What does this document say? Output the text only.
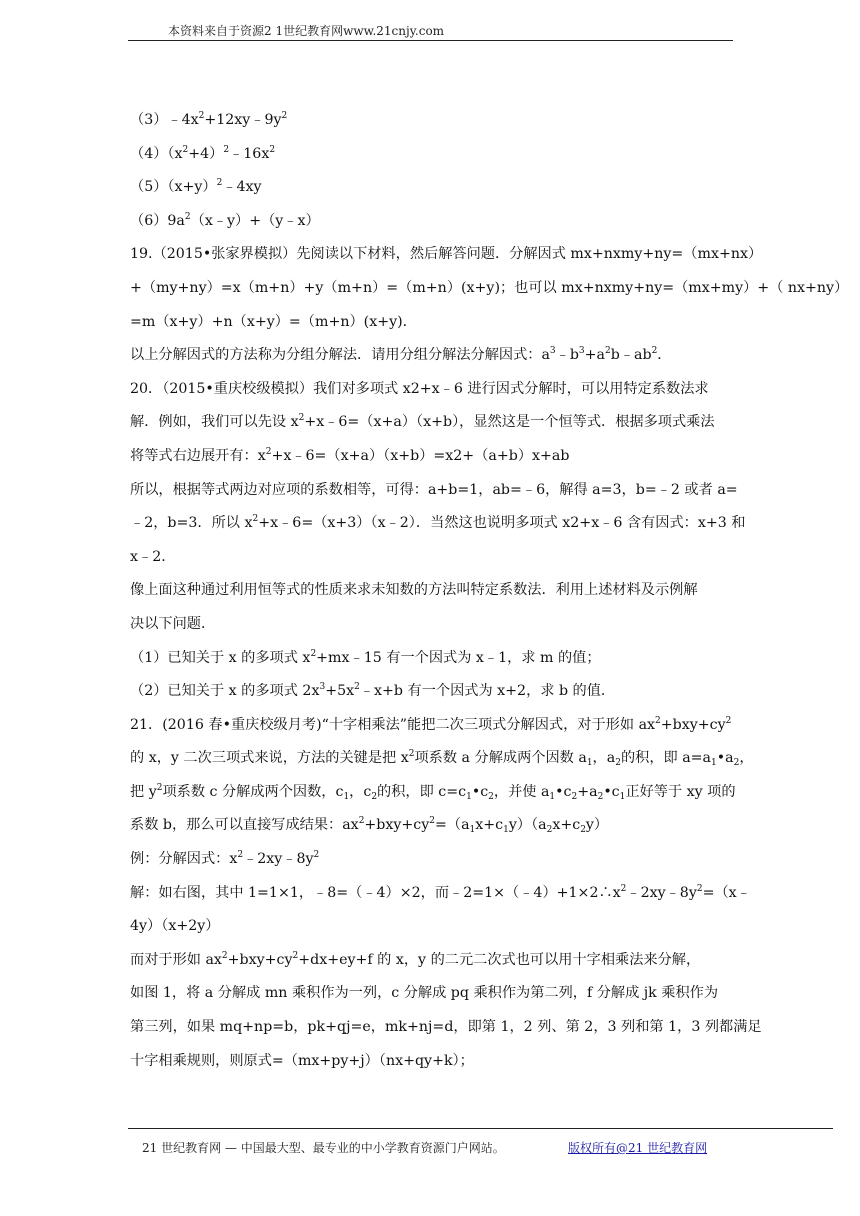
本资料来自于资源2 1世纪教育网www.21cnjy.com
$(3)﹣4x^2+12xy﹣9y^2$
$(4)(x^2+4)^2﹣16x^2$
$(5)(x+y)^2﹣4xy$
$(6)9a^2(x﹣y)+(y﹣x)$
19.（2015•张家界模拟）先阅读以下材料，然后解答问题．分解因式 mx+nxmy+ny=（mx+nx）
+（my+ny）=x（m+n）+y（m+n）=（m+n）(x+y)；也可以 mx+nxmy+ny=（mx+my）+（ nx+ny）
=m（x+y）+n（x+y）=（m+n）(x+y)．
以上分解因式的方法称为分组分解法．请用分组分解法分解因式：$a^3﹣b^3+a^2b﹣ab^2$．
20．（2015•重庆校级模拟）我们对多项式 x2+x﹣6 进行因式分解时，可以用特定系数法求
解．例如，我们可以先设 $x^2+x﹣6=(x+a)(x+b)$，显然这是一个恒等式．根据多项式乘法
将等式右边展开有：$x^2+x﹣6=(x+a)(x+b)=x2+(a+b)x+ab$
所以，根据等式两边对应项的系数相等，可得：a+b=1，ab=﹣6，解得 a=3，b=﹣2 或者 a=
﹣2，b=3．所以 $x^2+x﹣6=(x+3)(x﹣2)$．当然这也说明多项式 x2+x﹣6 含有因式：x+3 和
x﹣2．
像上面这种通过利用恒等式的性质来求未知数的方法叫特定系数法．利用上述材料及示例解
决以下问题．
（1）已知关于 x 的多项式 $x^2+mx﹣15$ 有一个因式为 x﹣1，求 m 的值；
（2）已知关于 x 的多项式 $2x^3+5x^2﹣x+b$ 有一个因式为 x+2，求 b 的值．
21．(2016 春•重庆校级月考)“十字相乘法”能把二次三项式分解因式，对于形如 $ax^2+bxy+cy^2$
的 x，y 二次三项式来说，方法的关键是把 $x^2$项系数 a 分解成两个因数 $a_1$，$a_2$的积，即 $a=a_1•a_2$，
把 $y^2$项系数 c 分解成两个因数，$c_1$，$c_2$的积，即 $c=c_1•c_2$，并使 $a_1•c_2+a_2•c_1$正好等于 xy 项的
系数 b，那么可以直接写成结果：$ax^2+bxy+cy^2=(a_1x+c_1y)(a_2x+c_2y)$
例：分解因式：$x^2﹣2xy﹣8y^2$
解：如右图，其中 1=1×1，﹣8=（﹣4）×2，而$﹣2=1\times(﹣4)+1\times 2\therefore x^2﹣2xy﹣8y^2=(x﹣$
4y）（x+2y）
而对于形如 $ax^2+bxy+cy^2+dx+ey+f$ 的 x，y 的二元二次式也可以用十字相乘法来分解，
如图 1，将 a 分解成 mn 乘积作为一列，c 分解成 pq 乘积作为第二列，f 分解成 jk 乘积作为
第三列，如果 mq+np=b，pk+qj=e，mk+nj=d，即第 1，2 列、第 2，3 列和第 1，3 列都满足
十字相乘规则，则原式=（mx+py+j）（nx+qy+k）；
21 世纪教育网 — 中国最大型、最专业的中小学教育资源门户网站。	版权所有@21 世纪教育网
